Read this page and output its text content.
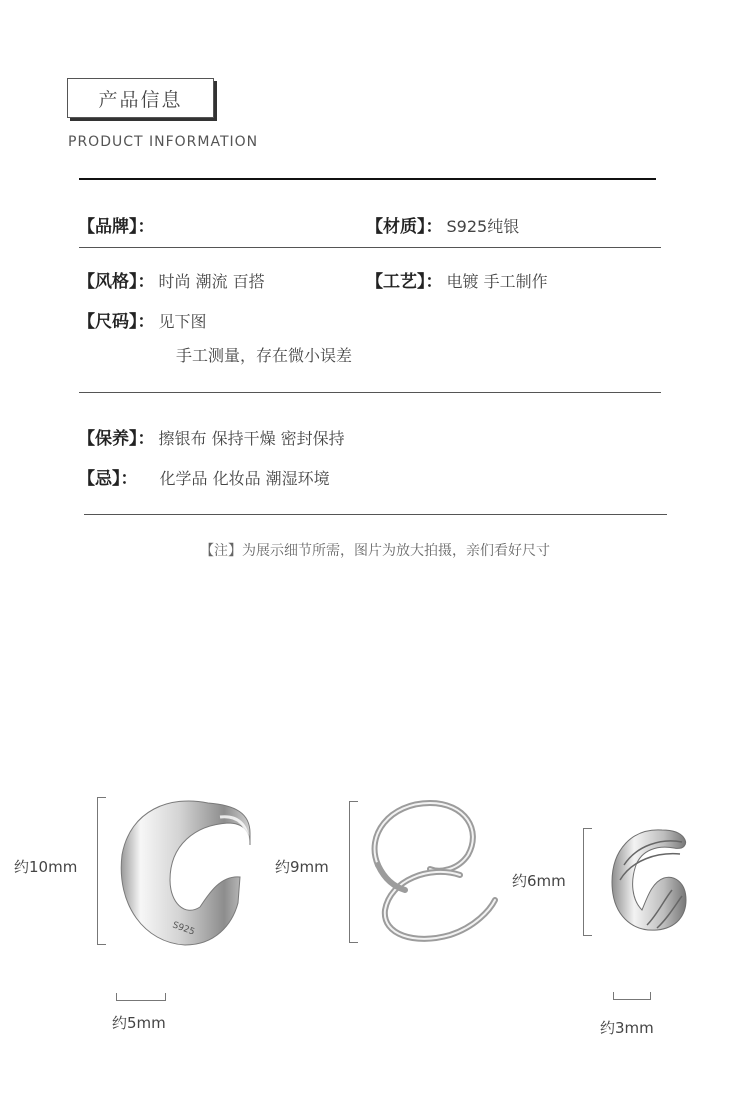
产品信息
PRODUCT INFORMATION
【品牌】：	【材质】： S925纯银
【风格】： 时尚 潮流 百搭	【工艺】： 电镀 手工制作
【尺码】： 见下图
手工测量，存在微小误差
【保养】： 擦银布 保持干燥 密封保持
【忌】： 化学品 化妆品 潮湿环境
【注】为展示细节所需，图片为放大拍摄，亲们看好尺寸
约10mm
S925
约5mm
约9mm
约6mm
约3mm
